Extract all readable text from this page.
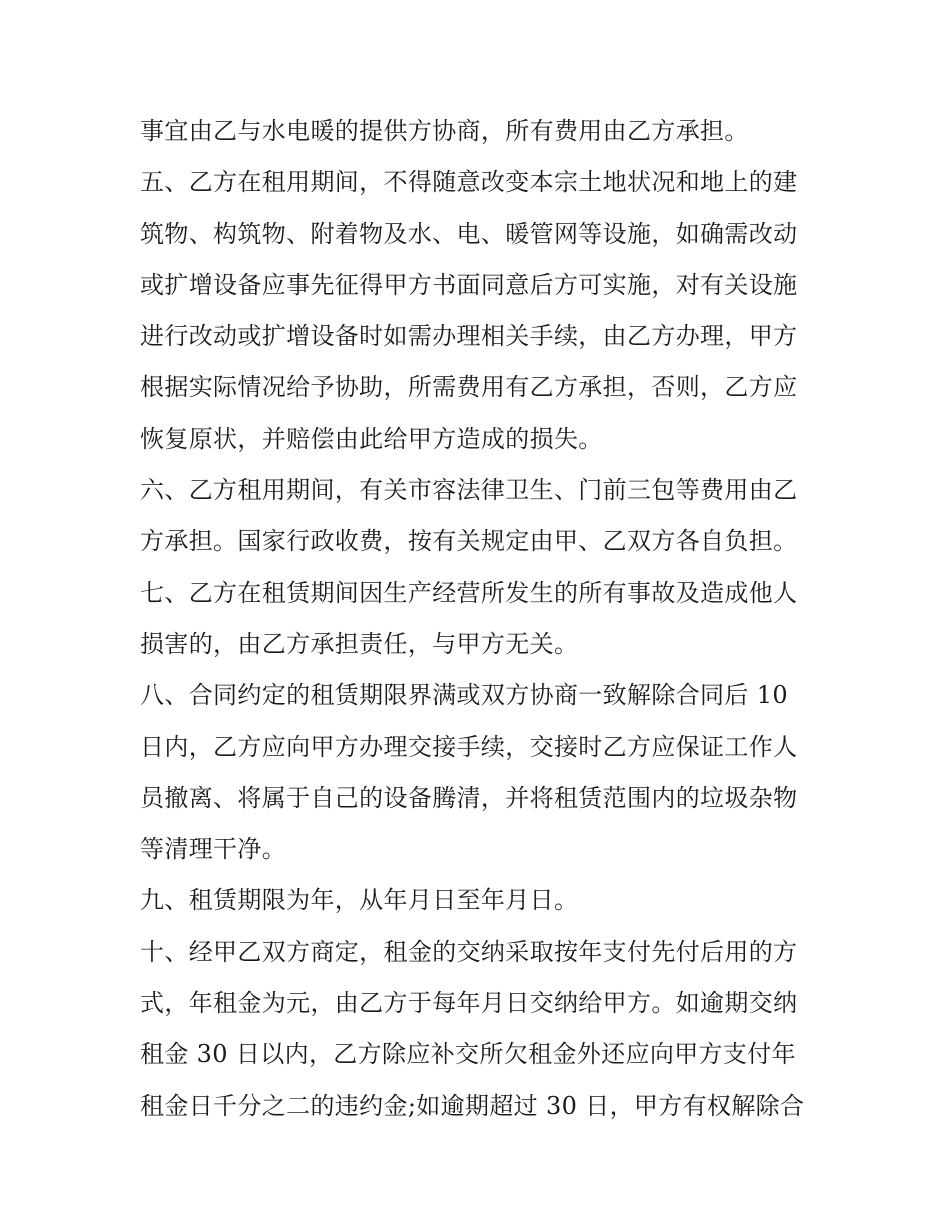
事宜由乙与水电暖的提供方协商，所有费用由乙方承担。
五、乙方在租用期间，不得随意改变本宗土地状况和地上的建
筑物、构筑物、附着物及水、电、暖管网等设施，如确需改动
或扩增设备应事先征得甲方书面同意后方可实施，对有关设施
进行改动或扩增设备时如需办理相关手续，由乙方办理，甲方
根据实际情况给予协助，所需费用有乙方承担，否则，乙方应
恢复原状，并赔偿由此给甲方造成的损失。
六、乙方租用期间，有关市容法律卫生、门前三包等费用由乙
方承担。国家行政收费，按有关规定由甲、乙双方各自负担。
七、乙方在租赁期间因生产经营所发生的所有事故及造成他人
损害的，由乙方承担责任，与甲方无关。
八、合同约定的租赁期限界满或双方协商一致解除合同后 10
日内，乙方应向甲方办理交接手续，交接时乙方应保证工作人
员撤离、将属于自己的设备腾清，并将租赁范围内的垃圾杂物
等清理干净。
九、租赁期限为年，从年月日至年月日。
十、经甲乙双方商定，租金的交纳采取按年支付先付后用的方
式，年租金为元，由乙方于每年月日交纳给甲方。如逾期交纳
租金 30 日以内，乙方除应补交所欠租金外还应向甲方支付年
租金日千分之二的违约金;如逾期超过 30 日，甲方有权解除合
